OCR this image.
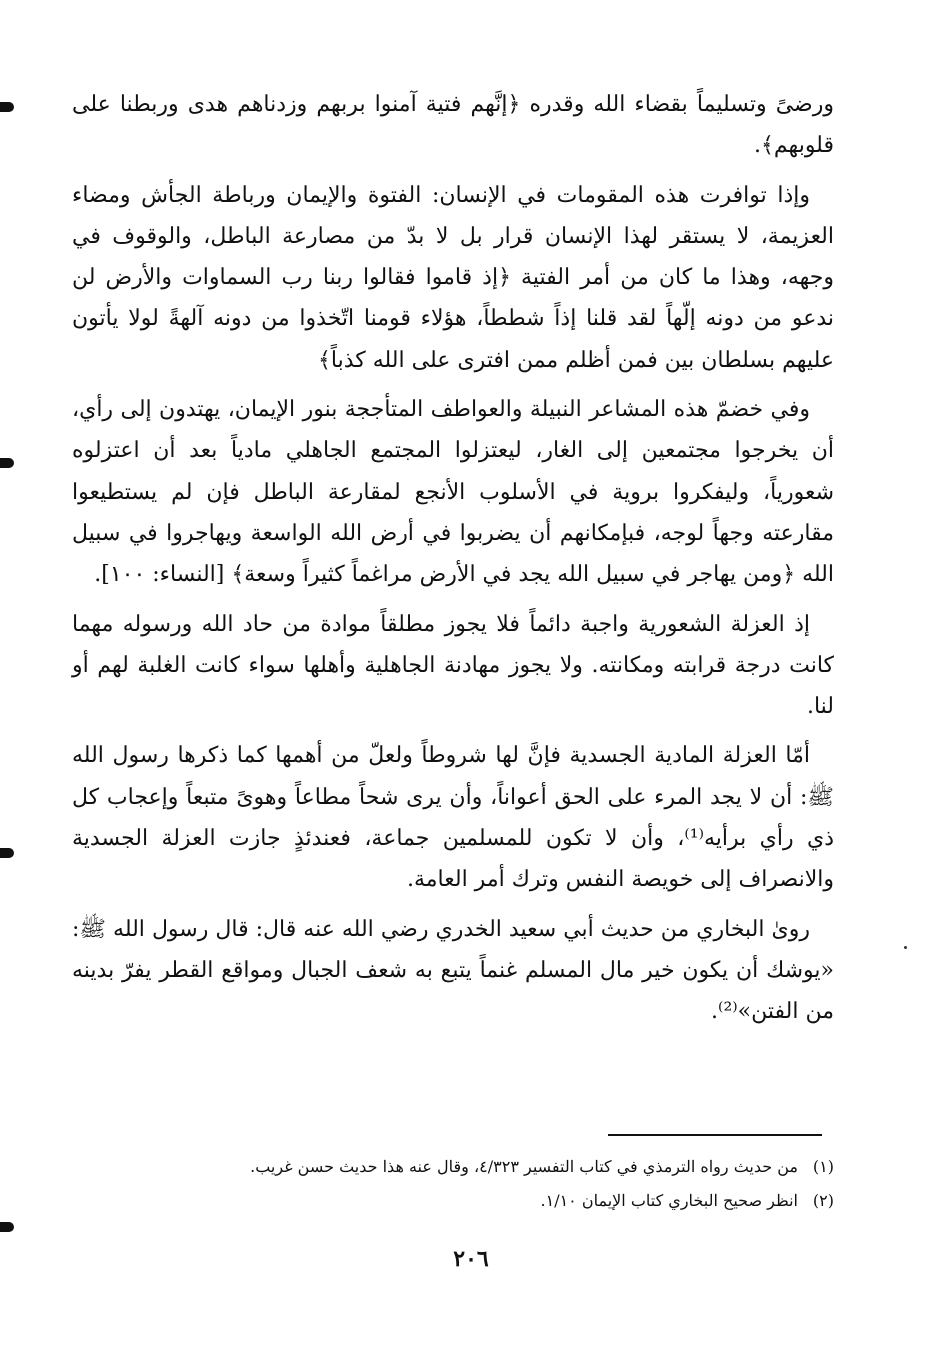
ورضىً وتسليماً بقضاء الله وقدره ﴿إنَّهم فتية آمنوا بربهم وزدناهم هدى وربطنا على قلوبهم﴾.

وإذا توافرت هذه المقومات في الإنسان: الفتوة والإيمان ورباطة الجأش ومضاء العزيمة، لا يستقر لهذا الإنسان قرار بل لا بدّ من مصارعة الباطل، والوقوف في وجهه، وهذا ما كان من أمر الفتية ﴿إذ قاموا فقالوا ربنا رب السماوات والأرض لن ندعو من دونه إلّهاً لقد قلنا إذاً شططاً، هؤلاء قومنا اتّخذوا من دونه آلهةً لولا يأتون عليهم بسلطان بين فمن أظلم ممن افترى على الله كذباً﴾

وفي خضمّ هذه المشاعر النبيلة والعواطف المتأججة بنور الإيمان، يهتدون إلى رأي، أن يخرجوا مجتمعين إلى الغار، ليعتزلوا المجتمع الجاهلي مادياً بعد أن اعتزلوه شعورياً، وليفكروا بروية في الأسلوب الأنجع لمقارعة الباطل فإن لم يستطيعوا مقارعته وجهاً لوجه، فبإمكانهم أن يضربوا في أرض الله الواسعة ويهاجروا في سبيل الله ﴿ومن يهاجر في سبيل الله يجد في الأرض مراغماً كثيراً وسعة﴾ [النساء: ١٠٠].

إذ العزلة الشعورية واجبة دائماً فلا يجوز مطلقاً موادة من حاد الله ورسوله مهما كانت درجة قرابته ومكانته. ولا يجوز مهادنة الجاهلية وأهلها سواء كانت الغلبة لهم أو لنا.

أمّا العزلة المادية الجسدية فإنَّ لها شروطاً ولعلّ من أهمها كما ذكرها رسول الله ﷺ: أن لا يجد المرء على الحق أعواناً، وأن يرى شحاً مطاعاً وهوىً متبعاً وإعجاب كل ذي رأي برأيه⁽¹⁾، وأن لا تكون للمسلمين جماعة، فعندئذٍ جازت العزلة الجسدية والانصراف إلى خويصة النفس وترك أمر العامة.

روىٰ البخاري من حديث أبي سعيد الخدري رضي الله عنه قال: قال رسول الله ﷺ: «يوشك أن يكون خير مال المسلم غنماً يتبع به شعف الجبال ومواقع القطر يفرّ بدينه من الفتن»⁽²⁾.

(١)
من حديث رواه الترمذي في كتاب التفسير ٤/٣٢٣، وقال عنه هذا حديث حسن غريب.
(٢)
انظر صحيح البخاري كتاب الإيمان ١/١٠.
٢٠٦
